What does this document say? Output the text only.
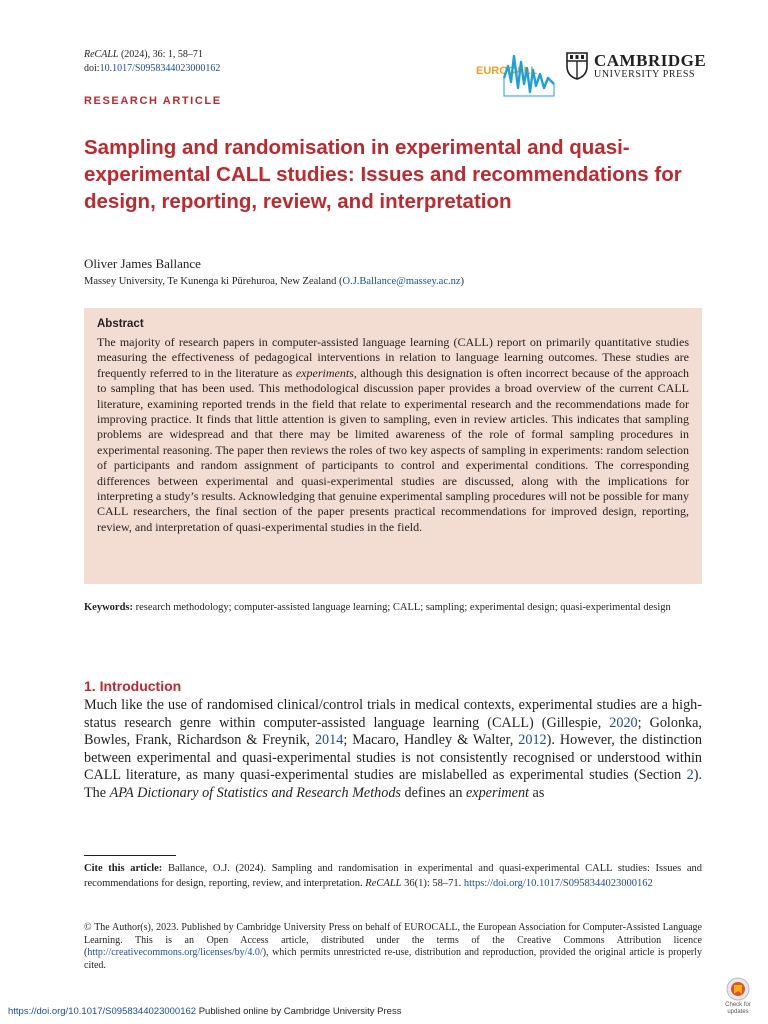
ReCALL (2024), 36: 1, 58–71
doi:10.1017/S0958344023000162	EUROCALL
CAMBRIDGE
UNIVERSITY PRESS
RESEARCH ARTICLE
Sampling and randomisation in experimental and quasi-experimental CALL studies: Issues and recommendations for design, reporting, review, and interpretation
Oliver James Ballance
Massey University, Te Kunenga ki Pūrehuroa, New Zealand (O.J.Ballance@massey.ac.nz)
Abstract
The majority of research papers in computer-assisted language learning (CALL) report on primarily quantitative studies measuring the effectiveness of pedagogical interventions in relation to language learning outcomes. These studies are frequently referred to in the literature as experiments, although this designation is often incorrect because of the approach to sampling that has been used. This methodological discussion paper provides a broad overview of the current CALL literature, examining reported trends in the field that relate to experimental research and the recommendations made for improving practice. It finds that little attention is given to sampling, even in review articles. This indicates that sampling problems are widespread and that there may be limited awareness of the role of formal sampling procedures in experimental reasoning. The paper then reviews the roles of two key aspects of sampling in experiments: random selection of participants and random assignment of participants to control and experimental conditions. The corresponding differences between experimental and quasi-experimental studies are discussed, along with the implications for interpreting a study’s results. Acknowledging that genuine experimental sampling procedures will not be possible for many CALL researchers, the final section of the paper presents practical recommendations for improved design, reporting, review, and interpretation of quasi-experimental studies in the field.
Keywords: research methodology; computer-assisted language learning; CALL; sampling; experimental design; quasi-experimental design
1. Introduction
Much like the use of randomised clinical/control trials in medical contexts, experimental studies are a high-status research genre within computer-assisted language learning (CALL) (Gillespie, 2020; Golonka, Bowles, Frank, Richardson & Freynik, 2014; Macaro, Handley & Walter, 2012). However, the distinction between experimental and quasi-experimental studies is not consistently recognised or understood within CALL literature, as many quasi-experimental studies are mislabelled as experimental studies (Section 2). The APA Dictionary of Statistics and Research Methods defines an experiment as
Cite this article: Ballance, O.J. (2024). Sampling and randomisation in experimental and quasi-experimental CALL studies: Issues and recommendations for design, reporting, review, and interpretation. ReCALL 36(1): 58–71. https://doi.org/10.1017/S0958344023000162
© The Author(s), 2023. Published by Cambridge University Press on behalf of EUROCALL, the European Association for Computer-Assisted Language Learning. This is an Open Access article, distributed under the terms of the Creative Commons Attribution licence (http://creativecommons.org/licenses/by/4.0/), which permits unrestricted re-use, distribution and reproduction, provided the original article is properly cited.
https://doi.org/10.1017/S0958344023000162 Published online by Cambridge University Press
Check for updates
